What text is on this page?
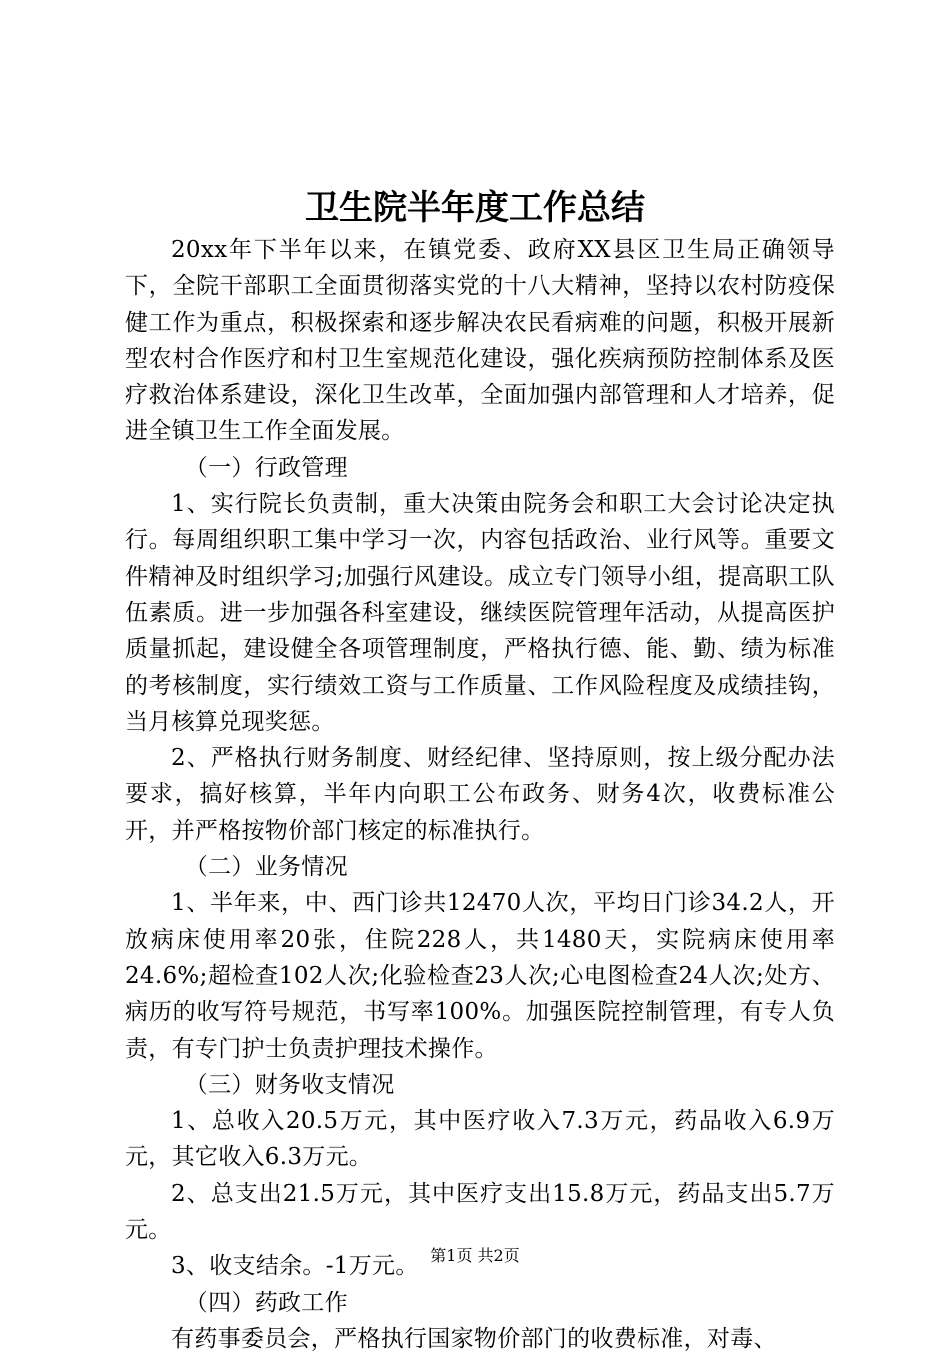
卫生院半年度工作总结

20xx年下半年以来，在镇党委、政府XX县区卫生局正确领导下，全院干部职工全面贯彻落实党的十八大精神，坚持以农村防疫保健工作为重点，积极探索和逐步解决农民看病难的问题，积极开展新型农村合作医疗和村卫生室规范化建设，强化疾病预防控制体系及医疗救治体系建设，深化卫生改革，全面加强内部管理和人才培养，促进全镇卫生工作全面发展。

（一）行政管理

1、实行院长负责制，重大决策由院务会和职工大会讨论决定执行。每周组织职工集中学习一次，内容包括政治、业行风等。重要文件精神及时组织学习;加强行风建设。成立专门领导小组，提高职工队伍素质。进一步加强各科室建设，继续医院管理年活动，从提高医护质量抓起，建设健全各项管理制度，严格执行德、能、勤、绩为标准的考核制度，实行绩效工资与工作质量、工作风险程度及成绩挂钩，当月核算兑现奖惩。

2、严格执行财务制度、财经纪律、坚持原则，按上级分配办法要求，搞好核算，半年内向职工公布政务、财务4次，收费标准公开，并严格按物价部门核定的标准执行。

（二）业务情况

1、半年来，中、西门诊共12470人次，平均日门诊34.2人，开放病床使用率20张，住院228人，共1480天，实院病床使用率24.6%;超检查102人次;化验检查23人次;心电图检查24人次;处方、病历的收写符号规范，书写率100%。加强医院控制管理，有专人负责，有专门护士负责护理技术操作。

（三）财务收支情况

1、总收入20.5万元，其中医疗收入7.3万元，药品收入6.9万元，其它收入6.3万元。

2、总支出21.5万元，其中医疗支出15.8万元，药品支出5.7万元。

3、收支结余。-1万元。

（四）药政工作

有药事委员会，严格执行国家物价部门的收费标准，对毒、

第1页 共2页
